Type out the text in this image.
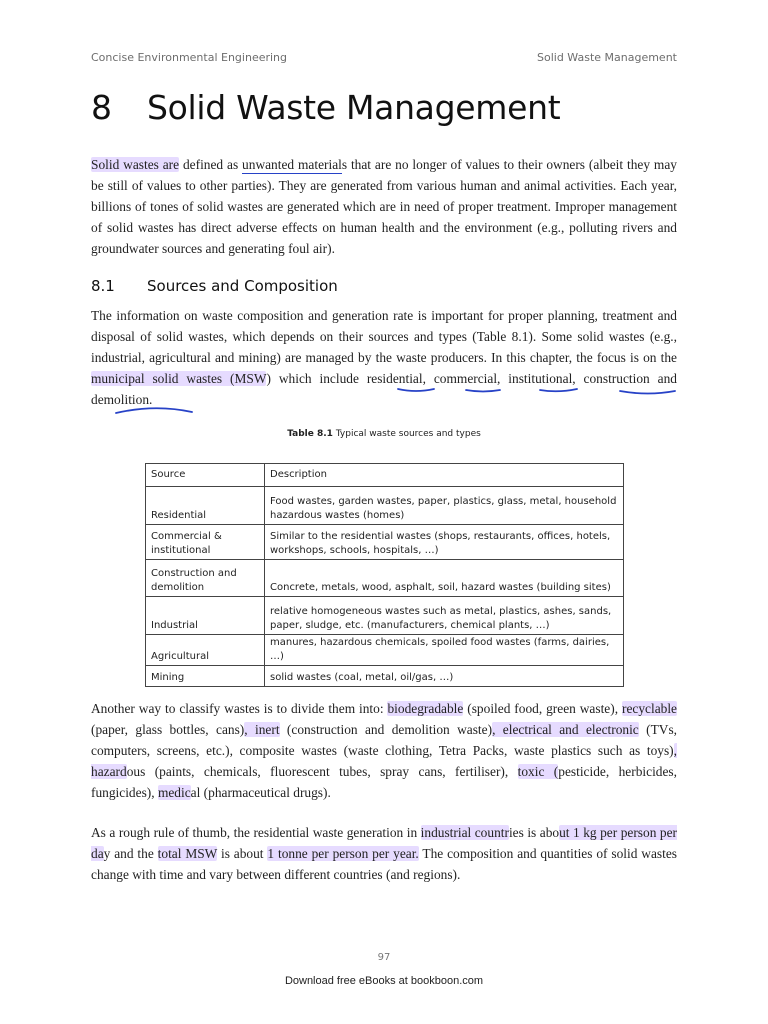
Concise Environmental Engineering	Solid Waste Management
8 Solid Waste Management

Solid wastes are defined as unwanted materials that are no longer of values to their owners (albeit they may be still of values to other parties). They are generated from various human and animal activities. Each year, billions of tones of solid wastes are generated which are in need of proper treatment. Improper management of solid wastes has direct adverse effects on human health and the environment (e.g., polluting rivers and groundwater sources and generating foul air).

8.1 Sources and Composition

The information on waste composition and generation rate is important for proper planning, treatment and disposal of solid wastes, which depends on their sources and types (Table 8.1). Some solid wastes (e.g., industrial, agricultural and mining) are managed by the waste producers. In this chapter, the focus is on the municipal solid wastes (MSW) which include residential, commercial, institutional, construction and demolition.

Table 8.1 Typical waste sources and types
Source	Description
Residential	Food wastes, garden wastes, paper, plastics, glass, metal, household hazardous wastes (homes)
Commercial & institutional	Similar to the residential wastes (shops, restaurants, offices, hotels, workshops, schools, hospitals, …)
Construction and demolition	Concrete, metals, wood, asphalt, soil, hazard wastes (building sites)
Industrial	relative homogeneous wastes such as metal, plastics, ashes, sands, paper, sludge, etc. (manufacturers, chemical plants, …)
Agricultural	manures, hazardous chemicals, spoiled food wastes (farms, dairies, …)
Mining	solid wastes (coal, metal, oil/gas, …)

Another way to classify wastes is to divide them into: biodegradable (spoiled food, green waste), recyclable (paper, glass bottles, cans), inert (construction and demolition waste), electrical and electronic (TVs, computers, screens, etc.), composite wastes (waste clothing, Tetra Packs, waste plastics such as toys), hazardous (paints, chemicals, fluorescent tubes, spray cans, fertiliser), toxic (pesticide, herbicides, fungicides), medical (pharmaceutical drugs).

As a rough rule of thumb, the residential waste generation in industrial countries is about 1 kg per person per day and the total MSW is about 1 tonne per person per year. The composition and quantities of solid wastes change with time and vary between different countries (and regions).

97
Download free eBooks at bookboon.com
